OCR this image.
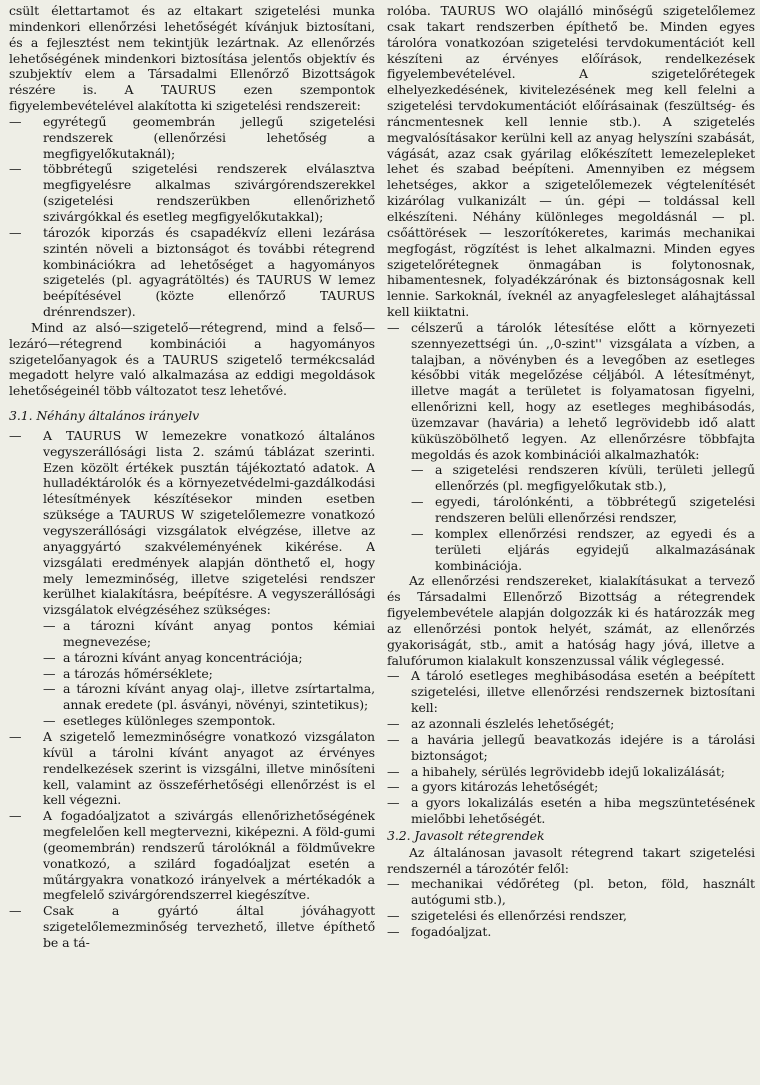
csült élettartamot és az eltakart szigetelési munka mindenkori ellenőrzési lehetőségét kívánjuk biztosítani, és a fejlesztést nem tekintjük lezártnak. Az ellenőrzés lehetőségének mindenkori biztosítása jelentős objektív és szubjektív elem a Társadalmi Ellenőrző Bizottságok részére is. A TAURUS ezen szempontok figyelembevételével alakította ki szigetelési rendszereit:

— egyrétegű geomembrán jellegű szigetelési rendszerek (ellenőrzési lehetőség a megfigyelőkutaknál);
— többrétegű szigetelési rendszerek elválasztva megfigyelésre alkalmas szivárgórendszerekkel (szigetelési rendszerükben ellenőrizhető szivárgókkal és esetleg megfigyelőkutakkal);
— tározók kiporzás és csapadékvíz elleni lezárása szintén növeli a biztonságot és további rétegrend kombinációkra ad lehetőséget a hagyományos szigetelés (pl. agyagrátöltés) és TAURUS W lemez beépítésével (közte ellenőrző TAURUS drénrendszer).

Mind az alsó—szigetelő—rétegrend, mind a felső—lezáró—rétegrend kombinációi a hagyományos szigetelőanyagok és a TAURUS szigetelő termékcsalád megadott helyre való alkalmazása az eddigi megoldások lehetőségeinél több változatot tesz lehetővé.

3.1. Néhány általános irányelv
— A TAURUS W lemezekre vonatkozó általános vegyszerállósági lista 2. számú táblázat szerinti. Ezen közölt értékek pusztán tájékoztató adatok. A hulladéktárolók és a környezetvédelmi-gazdálkodási létesítmények készítésekor minden esetben szüksége a TAURUS W szigetelőlemezre vonatkozó vegyszerállósági vizsgálatok elvégzése, illetve az anyaggyártó szakvéleményének kikérése. A vizsgálati eredmények alapján dönthető el, hogy mely lemezminőség, illetve szigetelési rendszer kerülhet kialakításra, beépítésre. A vegyszerállósági vizsgálatok elvégzéséhez szükséges:
— a tározni kívánt anyag pontos kémiai megnevezése;
— a tározni kívánt anyag koncentrációja;
— a tározás hőmérséklete;
— a tározni kívánt anyag olaj-, illetve zsírtartalma, annak eredete (pl. ásványi, növényi, szintetikus);
— esetleges különleges szempontok.
— A szigetelő lemezminőségre vonatkozó vizsgálaton kívül a tárolni kívánt anyagot az érvényes rendelkezések szerint is vizsgálni, illetve minősíteni kell, valamint az összeférhetőségi ellenőrzést is el kell végezni.
— A fogadóaljzatot a szivárgás ellenőrizhetőségének megfelelően kell megtervezni, kiképezni. A föld-gumi (geomembrán) rendszerű tárolóknál a földművekre vonatkozó, a szilárd fogadóaljzat esetén a műtárgyakra vonatkozó irányelvek a mértékadók a megfelelő szivárgórendszerrel kiegészítve.
— Csak a gyártó által jóváhagyott szigetelőlemezminőség tervezhető, illetve építhető be a tá-

rolóba. TAURUS WO olajálló minőségű szigetelőlemez csak takart rendszerben építhető be. Minden egyes tárolóra vonatkozóan szigetelési tervdokumentációt kell készíteni az érvényes előírások, rendelkezések figyelembevételével. A szigetelőrétegek elhelyezkedésének, kivitelezésének meg kell felelni a szigetelési tervdokumentációt előírásainak (feszültség- és ráncmentesnek kell lennie stb.). A szigetelés megvalósításakor kerülni kell az anyag helyszíni szabását, vágását, azaz csak gyárilag előkészített lemezelepleket lehet és szabad beépíteni. Amennyiben ez mégsem lehetséges, akkor a szigetelőlemezek végtelenítését kizárólag vulkanizált — ún. gépi — toldással kell elkészíteni. Néhány különleges megoldásnál — pl. csőáttörések — leszorítókeretes, karimás mechanikai megfogást, rögzítést is lehet alkalmazni. Minden egyes szigetelőrétegnek önmagában is folytonosnak, hibamentesnek, folyadékzárónak és biztonságosnak kell lennie. Sarkoknál, íveknél az anyagfelesleget aláhajtással kell kiiktatni.

— célszerű a tárolók létesítése előtt a környezeti szennyezettségi ún. ,,0-szint'' vizsgálata a vízben, a talajban, a növényben és a levegőben az esetleges későbbi viták megelőzése céljából. A létesítményt, illetve magát a területet is folyamatosan figyelni, ellenőrizni kell, hogy az esetleges meghibásodás, üzemzavar (havária) a lehető legrövidebb idő alatt küküszöbölhető legyen. Az ellenőrzésre többfajta megoldás és azok kombinációi alkalmazhatók:
— a szigetelési rendszeren kívüli, területi jellegű ellenőrzés (pl. megfigyelőkutak stb.),
— egyedi, tárolónkénti, a többrétegű szigetelési rendszeren belüli ellenőrzési rendszer,
— komplex ellenőrzési rendszer, az egyedi és a területi eljárás egyidejű alkalmazásának kombinációja.

Az ellenőrzési rendszereket, kialakításukat a tervező és Társadalmi Ellenőrző Bizottság a rétegrendek figyelembevétele alapján dolgozzák ki és határozzák meg az ellenőrzési pontok helyét, számát, az ellenőrzés gyakoriságát, stb., amit a hatóság hagy jóvá, illetve a falufórumon kialakult konszenzussal válik véglegessé.

— A tároló esetleges meghibásodása esetén a beépített szigetelési, illetve ellenőrzési rendszernek biztosítani kell:
— az azonnali észlelés lehetőségét;
— a havária jellegű beavatkozás idejére is a tárolási biztonságot;
— a hibahely, sérülés legrövidebb idejű lokalizálását;
— a gyors kitározás lehetőségét;
— a gyors lokalizálás esetén a hiba megszüntetésének mielőbbi lehetőségét.
3.2. Javasolt rétegrendek

Az általánosan javasolt rétegrend takart szigetelési rendszernél a tározótér felől:

— mechanikai védőréteg (pl. beton, föld, használt autógumi stb.),
— szigetelési és ellenőrzési rendszer,
— fogadóaljzat.
